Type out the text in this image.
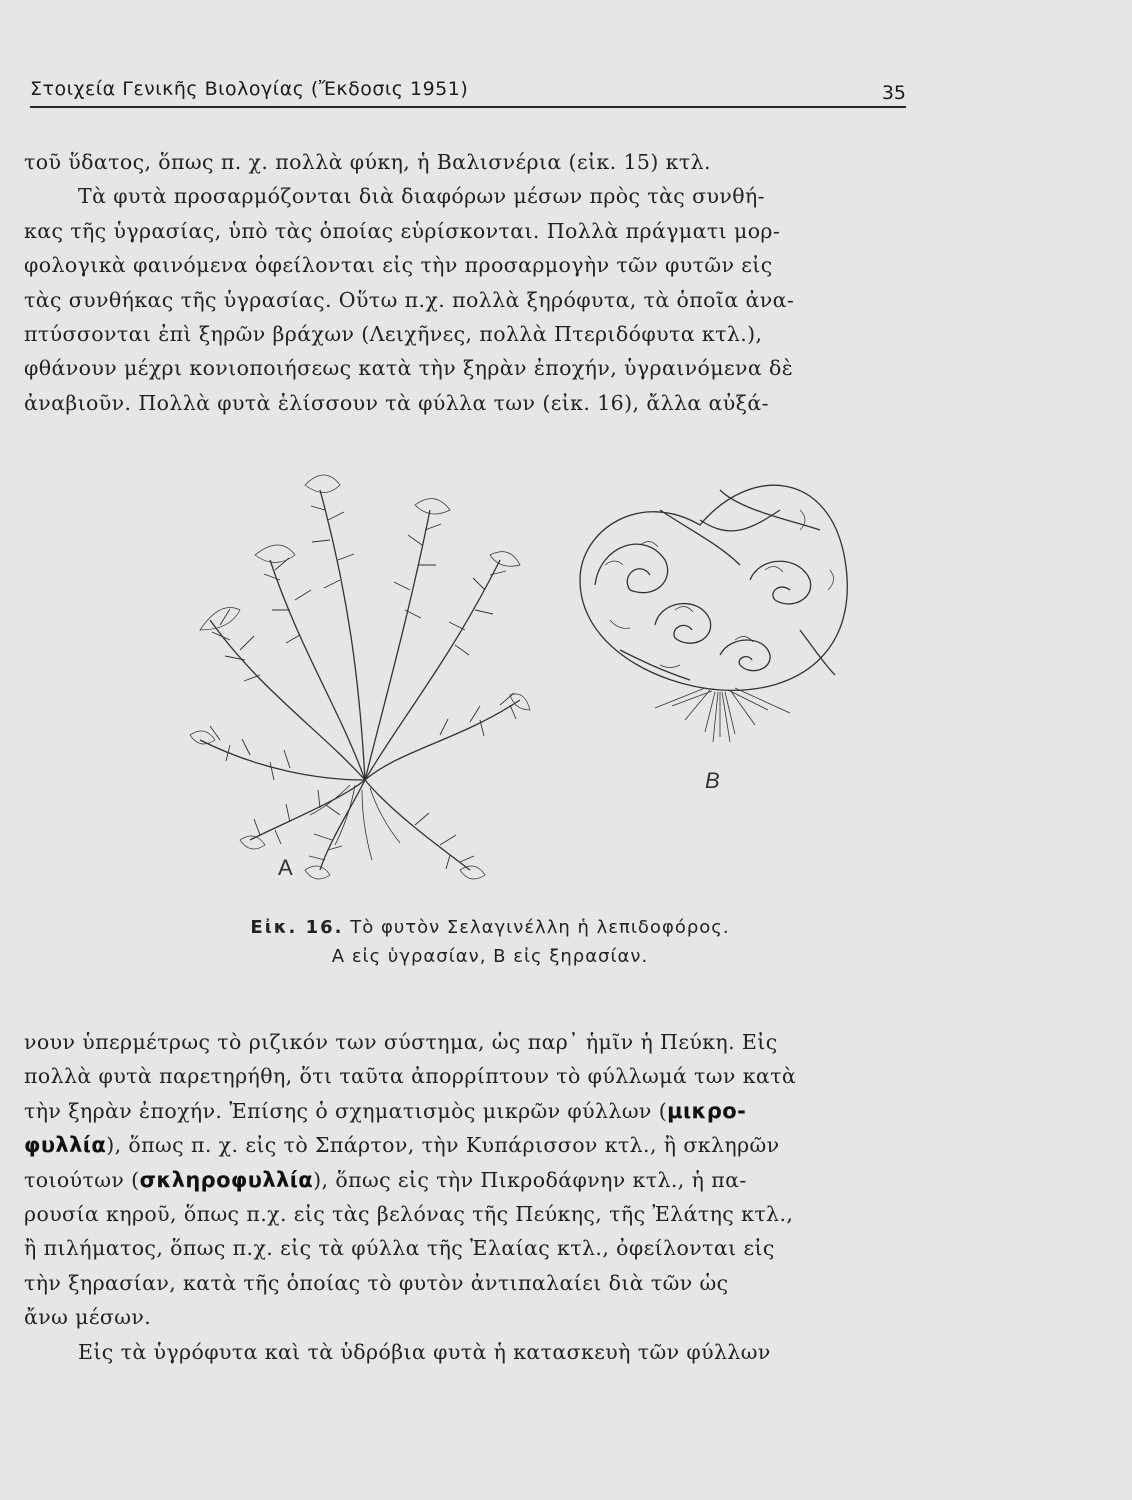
Στοιχεία Γενικῆς Βιολογίας (Ἔκδοσις 1951)	35
τοῦ ὕδατος, ὅπως π. χ. πολλὰ φύκη, ἡ Βαλισνέρια (εἰκ. 15) κτλ.
Τὰ φυτὰ προσαρμόζονται διὰ διαφόρων μέσων πρὸς τὰς συνθή-
κας τῆς ὑγρασίας, ὑπὸ τὰς ὁποίας εὑρίσκονται. Πολλὰ πράγματι μορ-
φολογικὰ φαινόμενα ὀφείλονται εἰς τὴν προσαρμογὴν τῶν φυτῶν εἰς
τὰς συνθήκας τῆς ὑγρασίας. Οὕτω π.χ. πολλὰ ξηρόφυτα, τὰ ὁποῖα ἀνα-
πτύσσονται ἐπὶ ξηρῶν βράχων (Λειχῆνες, πολλὰ Πτεριδόφυτα κτλ.),
φθάνουν μέχρι κονιοποιήσεως κατὰ τὴν ξηρὰν ἐποχήν, ὑγραινόμενα δὲ
ἀναβιοῦν. Πολλὰ φυτὰ ἑλίσσουν τὰ φύλλα των (εἰκ. 16), ἄλλα αὐξά-
A
B
Εἰκ. 16. Τὸ φυτὸν Σελαγινέλλη ἡ λεπιδοφόρος.
Α εἰς ὑγρασίαν, Β εἰς ξηρασίαν.
νουν ὑπερμέτρως τὸ ριζικόν των σύστημα, ὡς παρ᾽ ἡμῖν ἡ Πεύκη. Εἰς
πολλὰ φυτὰ παρετηρήθη, ὅτι ταῦτα ἀπορρίπτουν τὸ φύλλωμά των κατὰ
τὴν ξηρὰν ἐποχήν. Ἐπίσης ὁ σχηματισμὸς μικρῶν φύλλων (μικρο-
φυλλία), ὅπως π. χ. εἰς τὸ Σπάρτον, τὴν Κυπάρισσον κτλ., ἢ σκληρῶν
τοιούτων (σκληροφυλλία), ὅπως εἰς τὴν Πικροδάφνην κτλ., ἡ πα-
ρουσία κηροῦ, ὅπως π.χ. εἰς τὰς βελόνας τῆς Πεύκης, τῆς Ἐλάτης κτλ.,
ἢ πιλήματος, ὅπως π.χ. εἰς τὰ φύλλα τῆς Ἐλαίας κτλ., ὀφείλονται εἰς
τὴν ξηρασίαν, κατὰ τῆς ὁποίας τὸ φυτὸν ἀντιπαλαίει διὰ τῶν ὡς
ἄνω μέσων.
Εἰς τὰ ὑγρόφυτα καὶ τὰ ὑδρόβια φυτὰ ἡ κατασκευὴ τῶν φύλλων
